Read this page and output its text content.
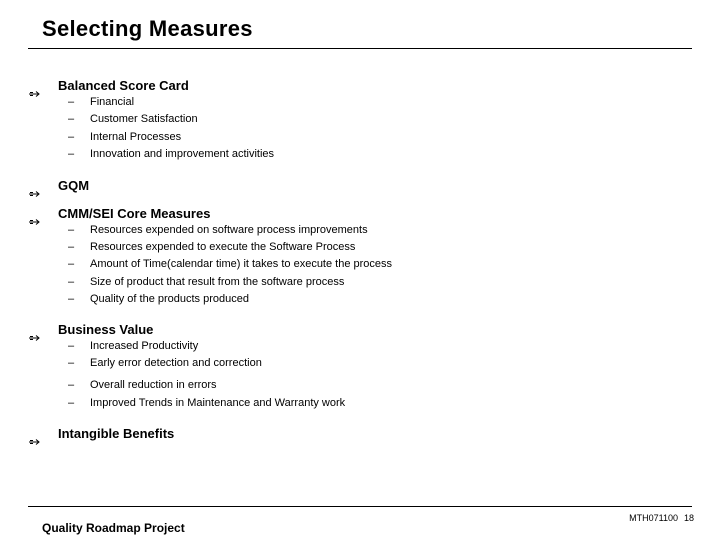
Selecting Measures
Balanced Score Card
– Financial
– Customer Satisfaction
– Internal Processes
– Innovation and improvement activities
GQM
CMM/SEI Core Measures
– Resources expended on software process improvements
– Resources expended to execute the Software Process
– Amount of Time(calendar time) it takes to execute the process
– Size of product that result from the software process
– Quality of the products produced
Business Value
– Increased Productivity
– Early error detection and correction
– Overall reduction in errors
– Improved Trends in Maintenance and Warranty work
Intangible Benefits
Quality Roadmap Project
MTH071100 18
